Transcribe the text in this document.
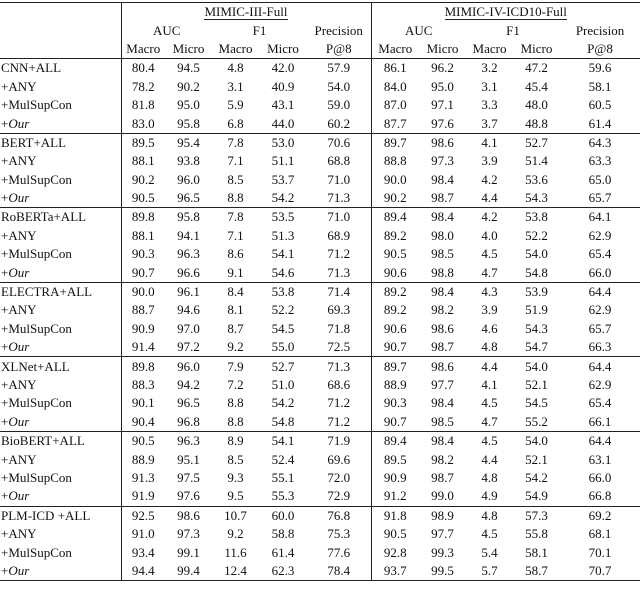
	MIMIC-III-Full					MIMIC-IV-ICD10-Full				
	AUC		F1		Precision	AUC		F1		Precision
	Macro	Micro	Macro	Micro	P@8	Macro	Micro	Macro	Micro	P@8
CNN+ALL	80.4	94.5	4.8	42.0	57.9	86.1	96.2	3.2	47.2	59.6
+ANY	78.2	90.2	3.1	40.9	54.0	84.0	95.0	3.1	45.4	58.1
+MulSupCon	81.8	95.0	5.9	43.1	59.0	87.0	97.1	3.3	48.0	60.5
+Our	83.0	95.8	6.8	44.0	60.2	87.7	97.6	3.7	48.8	61.4
BERT+ALL	89.5	95.4	7.8	53.0	70.6	89.7	98.6	4.1	52.7	64.3
+ANY	88.1	93.8	7.1	51.1	68.8	88.8	97.3	3.9	51.4	63.3
+MulSupCon	90.2	96.0	8.5	53.7	71.0	90.0	98.4	4.2	53.6	65.0
+Our	90.5	96.5	8.8	54.2	71.3	90.2	98.7	4.4	54.3	65.7
RoBERTa+ALL	89.8	95.8	7.8	53.5	71.0	89.4	98.4	4.2	53.8	64.1
+ANY	88.1	94.1	7.1	51.3	68.9	89.2	98.0	4.0	52.2	62.9
+MulSupCon	90.3	96.3	8.6	54.1	71.2	90.5	98.5	4.5	54.0	65.4
+Our	90.7	96.6	9.1	54.6	71.3	90.6	98.8	4.7	54.8	66.0
ELECTRA+ALL	90.0	96.1	8.4	53.8	71.4	89.2	98.4	4.3	53.9	64.4
+ANY	88.7	94.6	8.1	52.2	69.3	89.2	98.2	3.9	51.9	62.9
+MulSupCon	90.9	97.0	8.7	54.5	71.8	90.6	98.6	4.6	54.3	65.7
+Our	91.4	97.2	9.2	55.0	72.5	90.7	98.7	4.8	54.7	66.3
XLNet+ALL	89.8	96.0	7.9	52.7	71.3	89.7	98.6	4.4	54.0	64.4
+ANY	88.3	94.2	7.2	51.0	68.6	88.9	97.7	4.1	52.1	62.9
+MulSupCon	90.1	96.5	8.8	54.2	71.2	90.3	98.4	4.5	54.5	65.4
+Our	90.4	96.8	8.8	54.8	71.2	90.7	98.5	4.7	55.2	66.1
BioBERT+ALL	90.5	96.3	8.9	54.1	71.9	89.4	98.4	4.5	54.0	64.4
+ANY	88.9	95.1	8.5	52.4	69.6	89.5	98.2	4.4	52.1	63.1
+MulSupCon	91.3	97.5	9.3	55.1	72.0	90.9	98.7	4.8	54.2	66.0
+Our	91.9	97.6	9.5	55.3	72.9	91.2	99.0	4.9	54.9	66.8
PLM-ICD +ALL	92.5	98.6	10.7	60.0	76.8	91.8	98.9	4.8	57.3	69.2
+ANY	91.0	97.3	9.2	58.8	75.3	90.5	97.7	4.5	55.8	68.1
+MulSupCon	93.4	99.1	11.6	61.4	77.6	92.8	99.3	5.4	58.1	70.1
+Our	94.4	99.4	12.4	62.3	78.4	93.7	99.5	5.7	58.7	70.7
